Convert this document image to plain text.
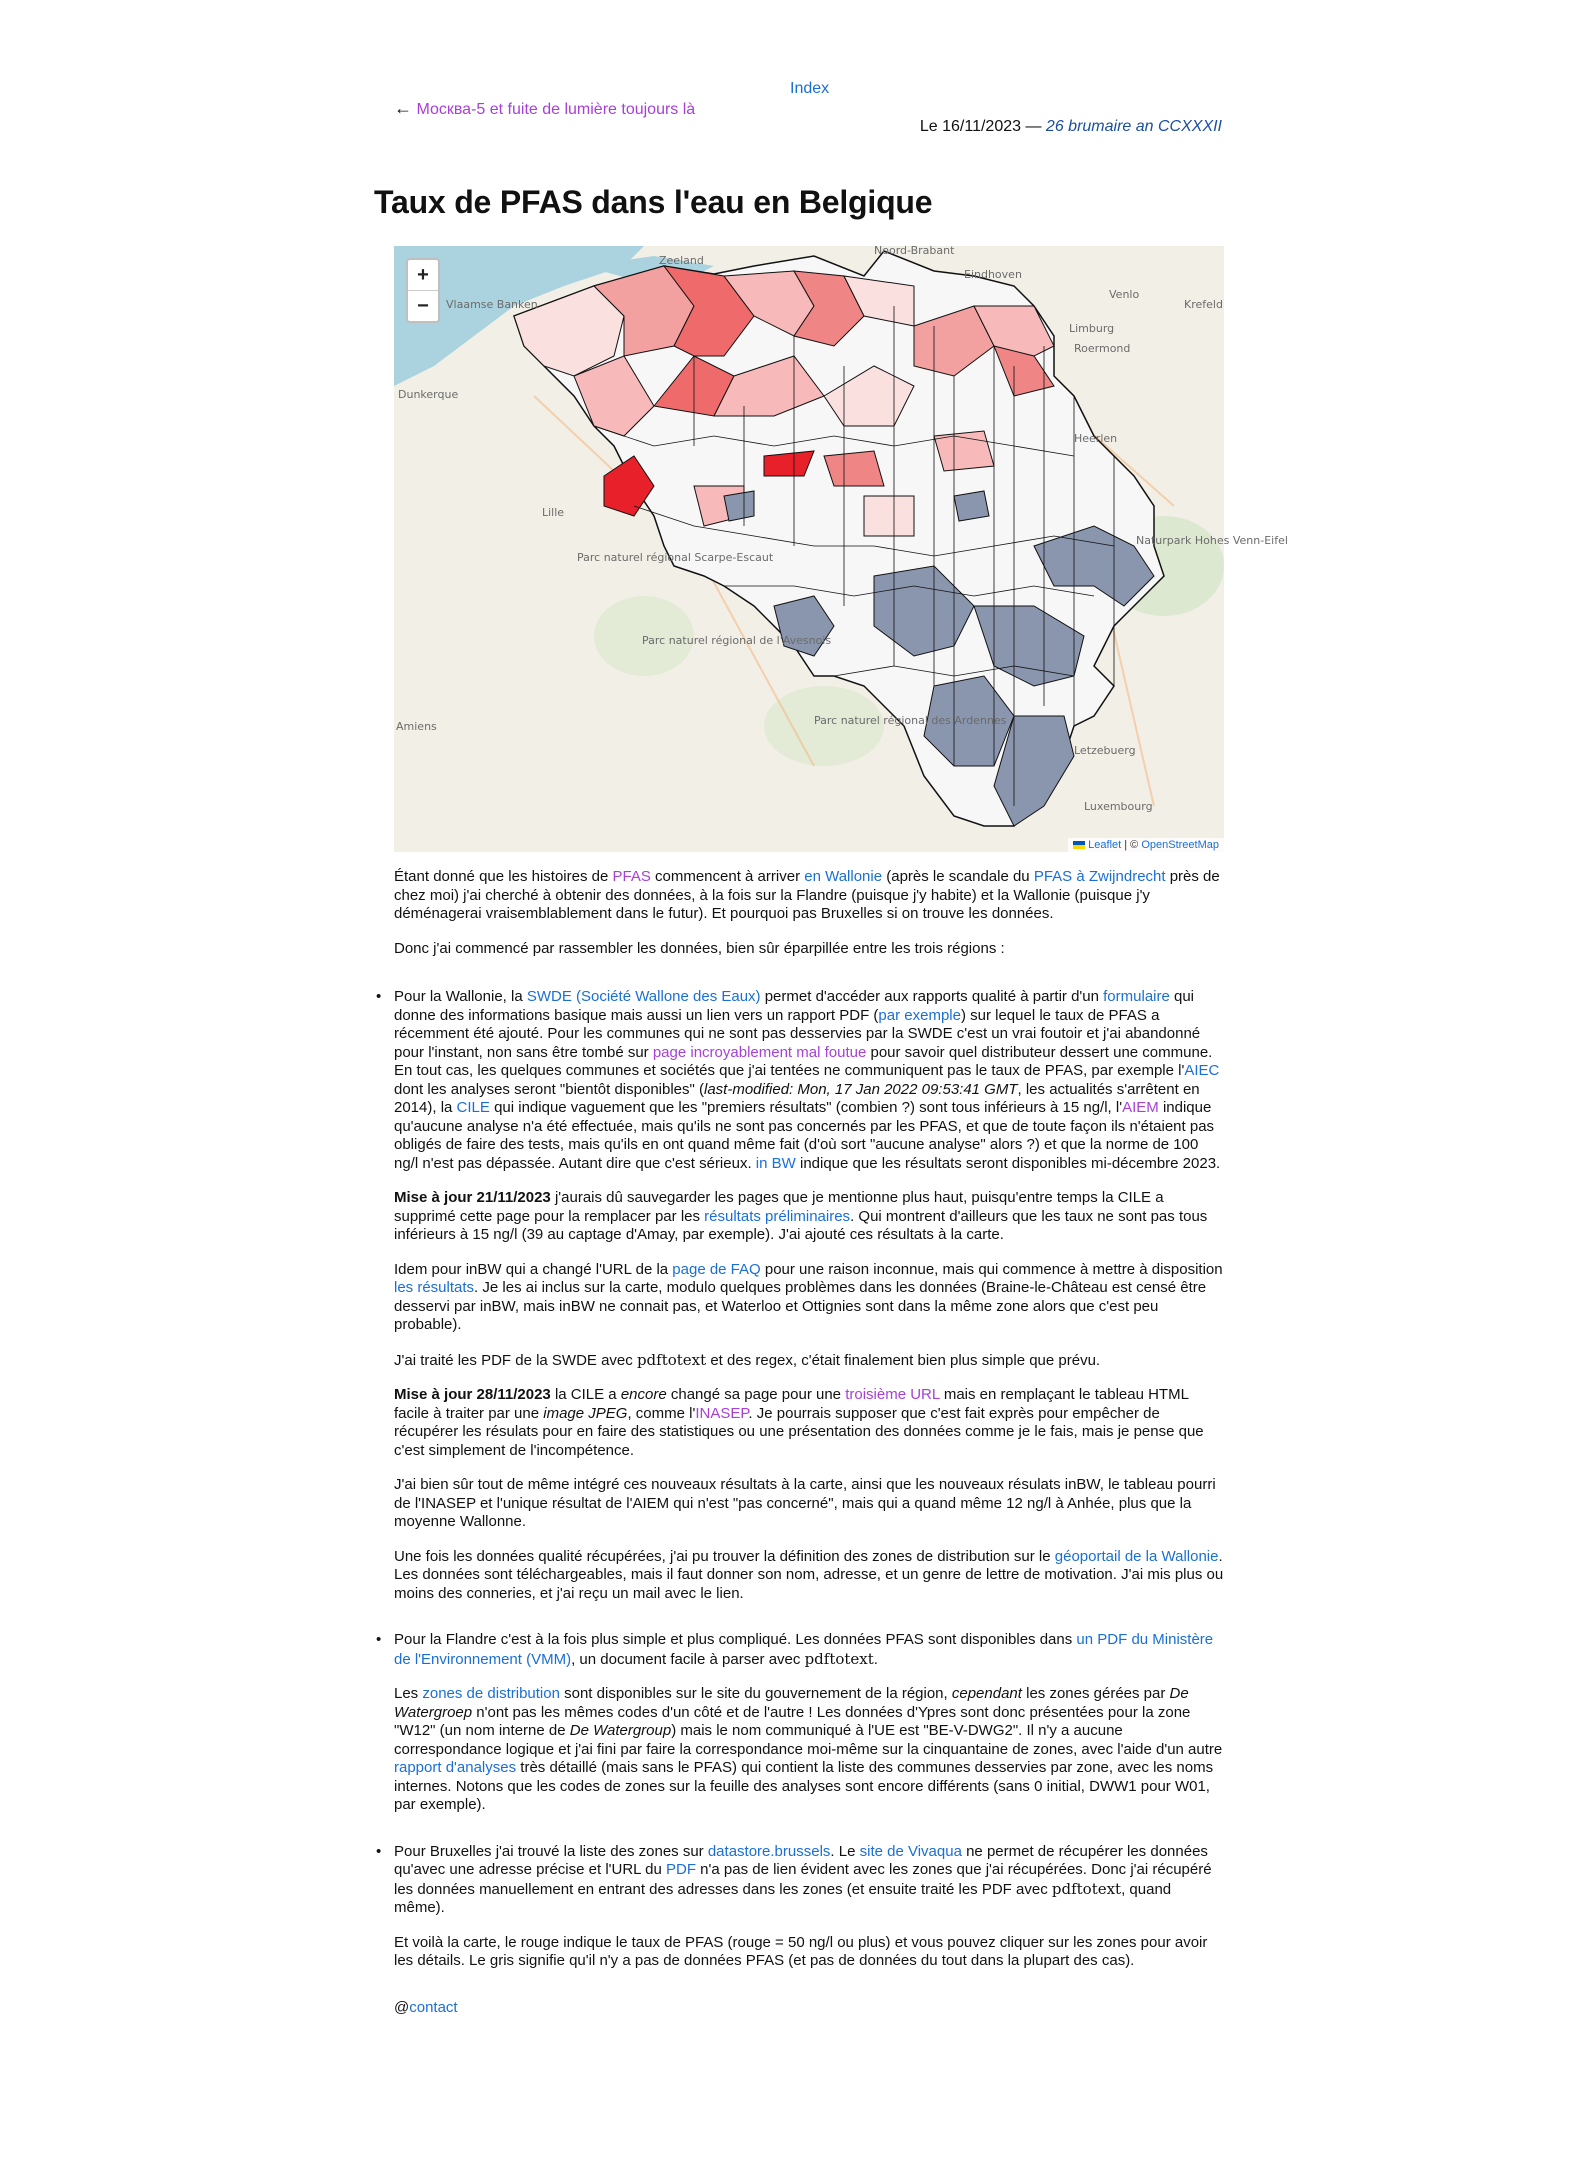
Index
← Москва-5 et fuite de lumière toujours là
Le 16/11/2023 — 26 brumaire an CCXXXII
Taux de PFAS dans l'eau en Belgique
Zeeland
Noord-Brabant
Eindhoven
Venlo
Krefeld
Vlaamse Banken
Dunkerque
Limburg
Roermond
Lille
Heerlen
Parc naturel régional Scarpe-Escaut
Parc naturel régional de l'Avesnois
Naturpark Hohes Venn-Eifel
Parc naturel régional des Ardennes
Amiens
Letzebuerg
Luxembourg
+
−
Leaflet | © OpenStreetMap

Étant donné que les histoires de PFAS commencent à arriver en Wallonie (après le scandale du PFAS à Zwijndrecht près de chez moi) j'ai cherché à obtenir des données, à la fois sur la Flandre (puisque j'y habite) et la Wallonie (puisque j'y déménagerai vraisemblablement dans le futur). Et pourquoi pas Bruxelles si on trouve les données.

Donc j'ai commencé par rassembler les données, bien sûr éparpillée entre les trois régions :

• Pour la Wallonie, la SWDE (Société Wallone des Eaux) permet d'accéder aux rapports qualité à partir d'un formulaire qui donne des informations basique mais aussi un lien vers un rapport PDF (par exemple) sur lequel le taux de PFAS a récemment été ajouté. Pour les communes qui ne sont pas desservies par la SWDE c'est un vrai foutoir et j'ai abandonné pour l'instant, non sans être tombé sur page incroyablement mal foutue pour savoir quel distributeur dessert une commune. En tout cas, les quelques communes et sociétés que j'ai tentées ne communiquent pas le taux de PFAS, par exemple l'AIEC dont les analyses seront "bientôt disponibles" (last-modified: Mon, 17 Jan 2022 09:53:41 GMT, les actualités s'arrêtent en 2014), la CILE qui indique vaguement que les "premiers résultats" (combien ?) sont tous inférieurs à 15 ng/l, l'AIEM indique qu'aucune analyse n'a été effectuée, mais qu'ils ne sont pas concernés par les PFAS, et que de toute façon ils n'étaient pas obligés de faire des tests, mais qu'ils en ont quand même fait (d'où sort "aucune analyse" alors ?) et que la norme de 100 ng/l n'est pas dépassée. Autant dire que c'est sérieux. in BW indique que les résultats seront disponibles mi-décembre 2023.

Mise à jour 21/11/2023 j'aurais dû sauvegarder les pages que je mentionne plus haut, puisqu'entre temps la CILE a supprimé cette page pour la remplacer par les résultats préliminaires. Qui montrent d'ailleurs que les taux ne sont pas tous inférieurs à 15 ng/l (39 au captage d'Amay, par exemple). J'ai ajouté ces résultats à la carte.

Idem pour inBW qui a changé l'URL de la page de FAQ pour une raison inconnue, mais qui commence à mettre à disposition les résultats. Je les ai inclus sur la carte, modulo quelques problèmes dans les données (Braine-le-Château est censé être desservi par inBW, mais inBW ne connait pas, et Waterloo et Ottignies sont dans la même zone alors que c'est peu probable).

J'ai traité les PDF de la SWDE avec pdftotext et des regex, c'était finalement bien plus simple que prévu.

Mise à jour 28/11/2023 la CILE a encore changé sa page pour une troisième URL mais en remplaçant le tableau HTML facile à traiter par une image JPEG, comme l'INASEP. Je pourrais supposer que c'est fait exprès pour empêcher de récupérer les résulats pour en faire des statistiques ou une présentation des données comme je le fais, mais je pense que c'est simplement de l'incompétence.

J'ai bien sûr tout de même intégré ces nouveaux résultats à la carte, ainsi que les nouveaux résulats inBW, le tableau pourri de l'INASEP et l'unique résultat de l'AIEM qui n'est "pas concerné", mais qui a quand même 12 ng/l à Anhée, plus que la moyenne Wallonne.

Une fois les données qualité récupérées, j'ai pu trouver la définition des zones de distribution sur le géoportail de la Wallonie. Les données sont téléchargeables, mais il faut donner son nom, adresse, et un genre de lettre de motivation. J'ai mis plus ou moins des conneries, et j'ai reçu un mail avec le lien.

• Pour la Flandre c'est à la fois plus simple et plus compliqué. Les données PFAS sont disponibles dans un PDF du Ministère de l'Environnement (VMM), un document facile à parser avec pdftotext.

Les zones de distribution sont disponibles sur le site du gouvernement de la région, cependant les zones gérées par De Watergroep n'ont pas les mêmes codes d'un côté et de l'autre ! Les données d'Ypres sont donc présentées pour la zone "W12" (un nom interne de De Watergroup) mais le nom communiqué à l'UE est "BE-V-DWG2". Il n'y a aucune correspondance logique et j'ai fini par faire la correspondance moi-même sur la cinquantaine de zones, avec l'aide d'un autre rapport d'analyses très détaillé (mais sans le PFAS) qui contient la liste des communes desservies par zone, avec les noms internes. Notons que les codes de zones sur la feuille des analyses sont encore différents (sans 0 initial, DWW1 pour W01, par exemple).

• Pour Bruxelles j'ai trouvé la liste des zones sur datastore.brussels. Le site de Vivaqua ne permet de récupérer les données qu'avec une adresse précise et l'URL du PDF n'a pas de lien évident avec les zones que j'ai récupérées. Donc j'ai récupéré les données manuellement en entrant des adresses dans les zones (et ensuite traité les PDF avec pdftotext, quand même).

Et voilà la carte, le rouge indique le taux de PFAS (rouge = 50 ng/l ou plus) et vous pouvez cliquer sur les zones pour avoir les détails. Le gris signifie qu'il n'y a pas de données PFAS (et pas de données du tout dans la plupart des cas).

@contact
